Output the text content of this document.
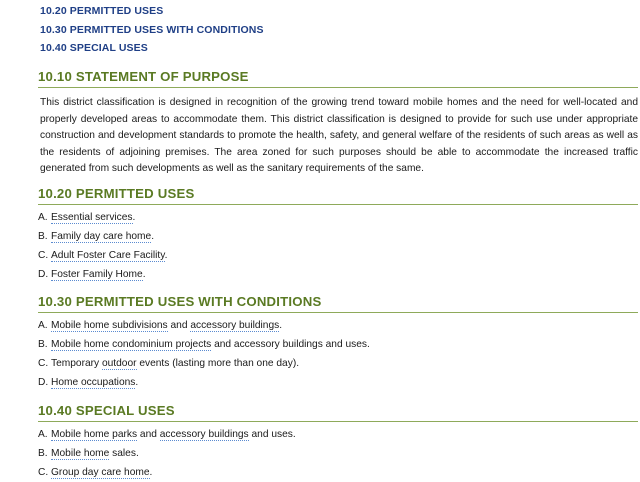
10.20 PERMITTED USES
10.30 PERMITTED USES WITH CONDITIONS
10.40 SPECIAL USES
10.10 STATEMENT OF PURPOSE

This district classification is designed in recognition of the growing trend toward mobile homes and the need for well-located and properly developed areas to accommodate them. This district classification is designed to provide for such use under appropriate construction and development standards to promote the health, safety, and general welfare of the residents of such areas as well as the residents of adjoining premises. The area zoned for such purposes should be able to accommodate the increased traffic generated from such developments as well as the sanitary requirements of the same.

10.20 PERMITTED USES
A. Essential services.
B. Family day care home.
C. Adult Foster Care Facility.
D. Foster Family Home.
10.30 PERMITTED USES WITH CONDITIONS
A. Mobile home subdivisions and accessory buildings.
B. Mobile home condominium projects and accessory buildings and uses.
C. Temporary outdoor events (lasting more than one day).
D. Home occupations.
10.40 SPECIAL USES
A. Mobile home parks and accessory buildings and uses.
B. Mobile home sales.
C. Group day care home.
